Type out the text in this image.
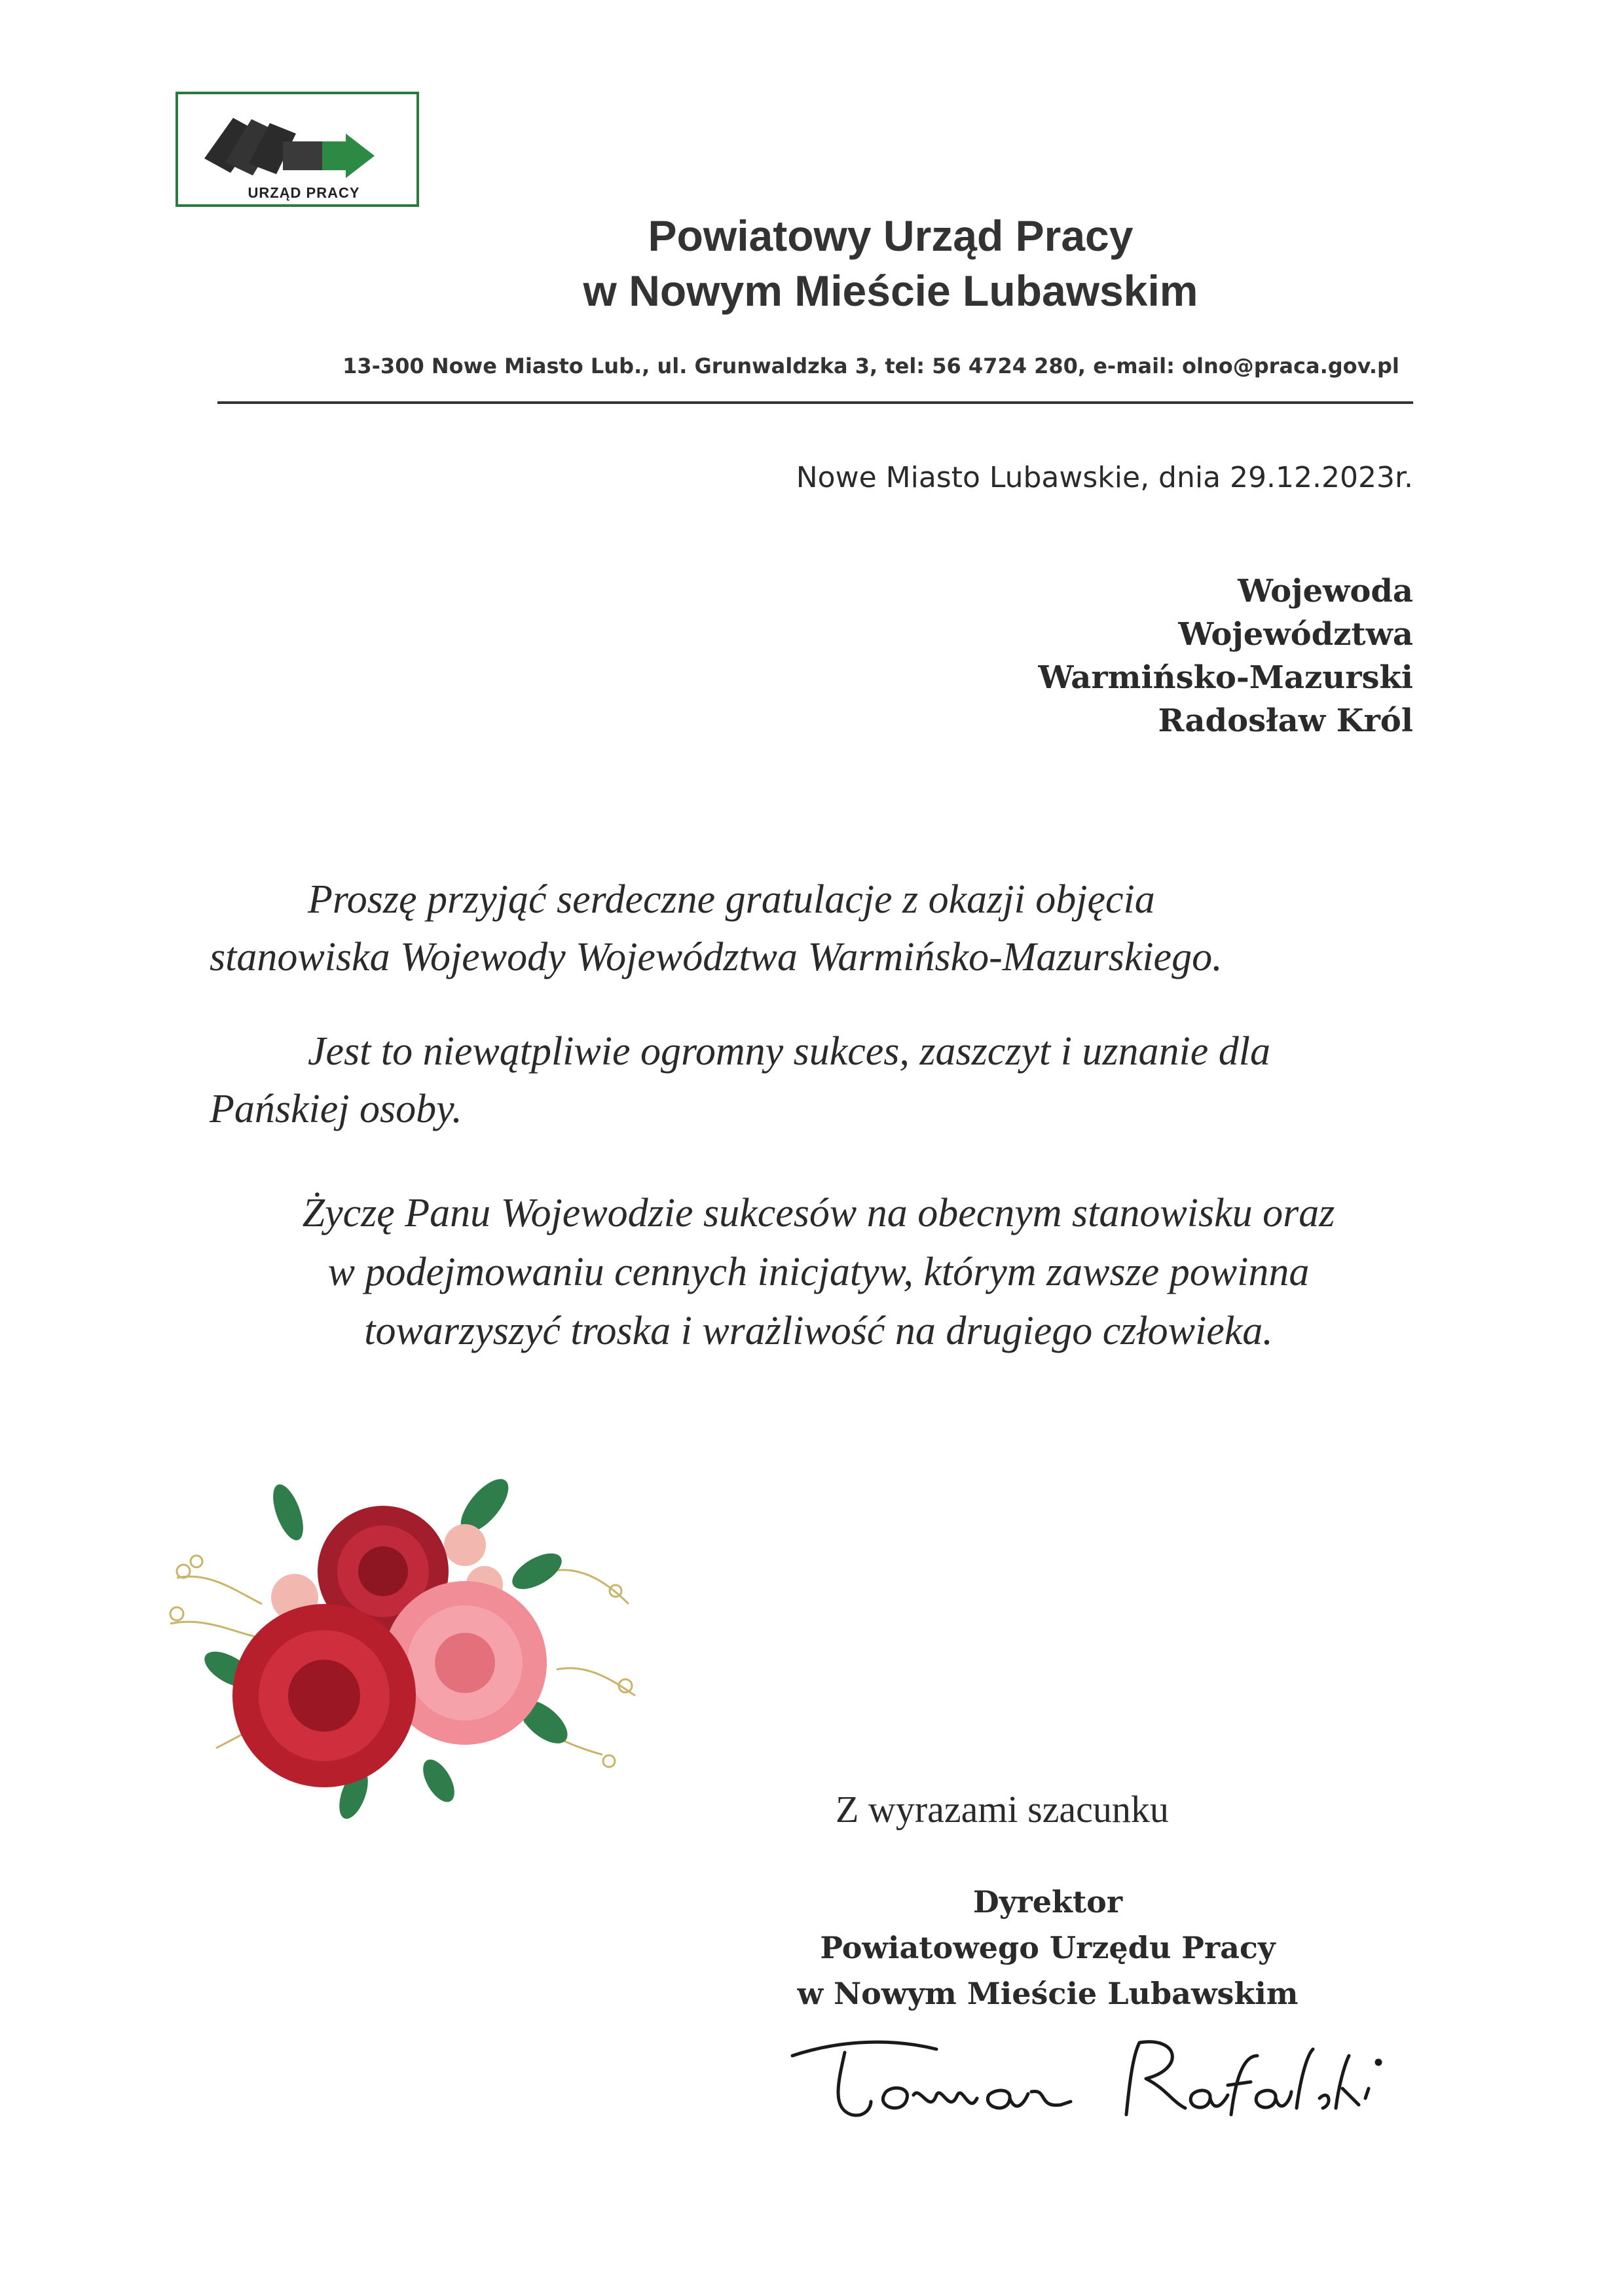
URZĄD PRACY
Powiatowy Urząd Pracy
w Nowym Mieście Lubawskim
13-300 Nowe Miasto Lub., ul. Grunwaldzka 3, tel: 56 4724 280, e-mail: olno@praca.gov.pl
Nowe Miasto Lubawskie, dnia 29.12.2023r.
Wojewoda
Województwa
Warmińsko-Mazurski
Radosław Król
Proszę przyjąć serdeczne gratulacje z okazji objęcia
stanowiska Wojewody Województwa Warmińsko-Mazurskiego.
Jest to niewątpliwie ogromny sukces, zaszczyt i uznanie dla
Pańskiej osoby.
Życzę Panu Wojewodzie sukcesów na obecnym stanowisku oraz
w podejmowaniu cennych inicjatyw, którym zawsze powinna
towarzyszyć troska i wrażliwość na drugiego człowieka.
Z wyrazami szacunku
Dyrektor
Powiatowego Urzędu Pracy
w Nowym Mieście Lubawskim
